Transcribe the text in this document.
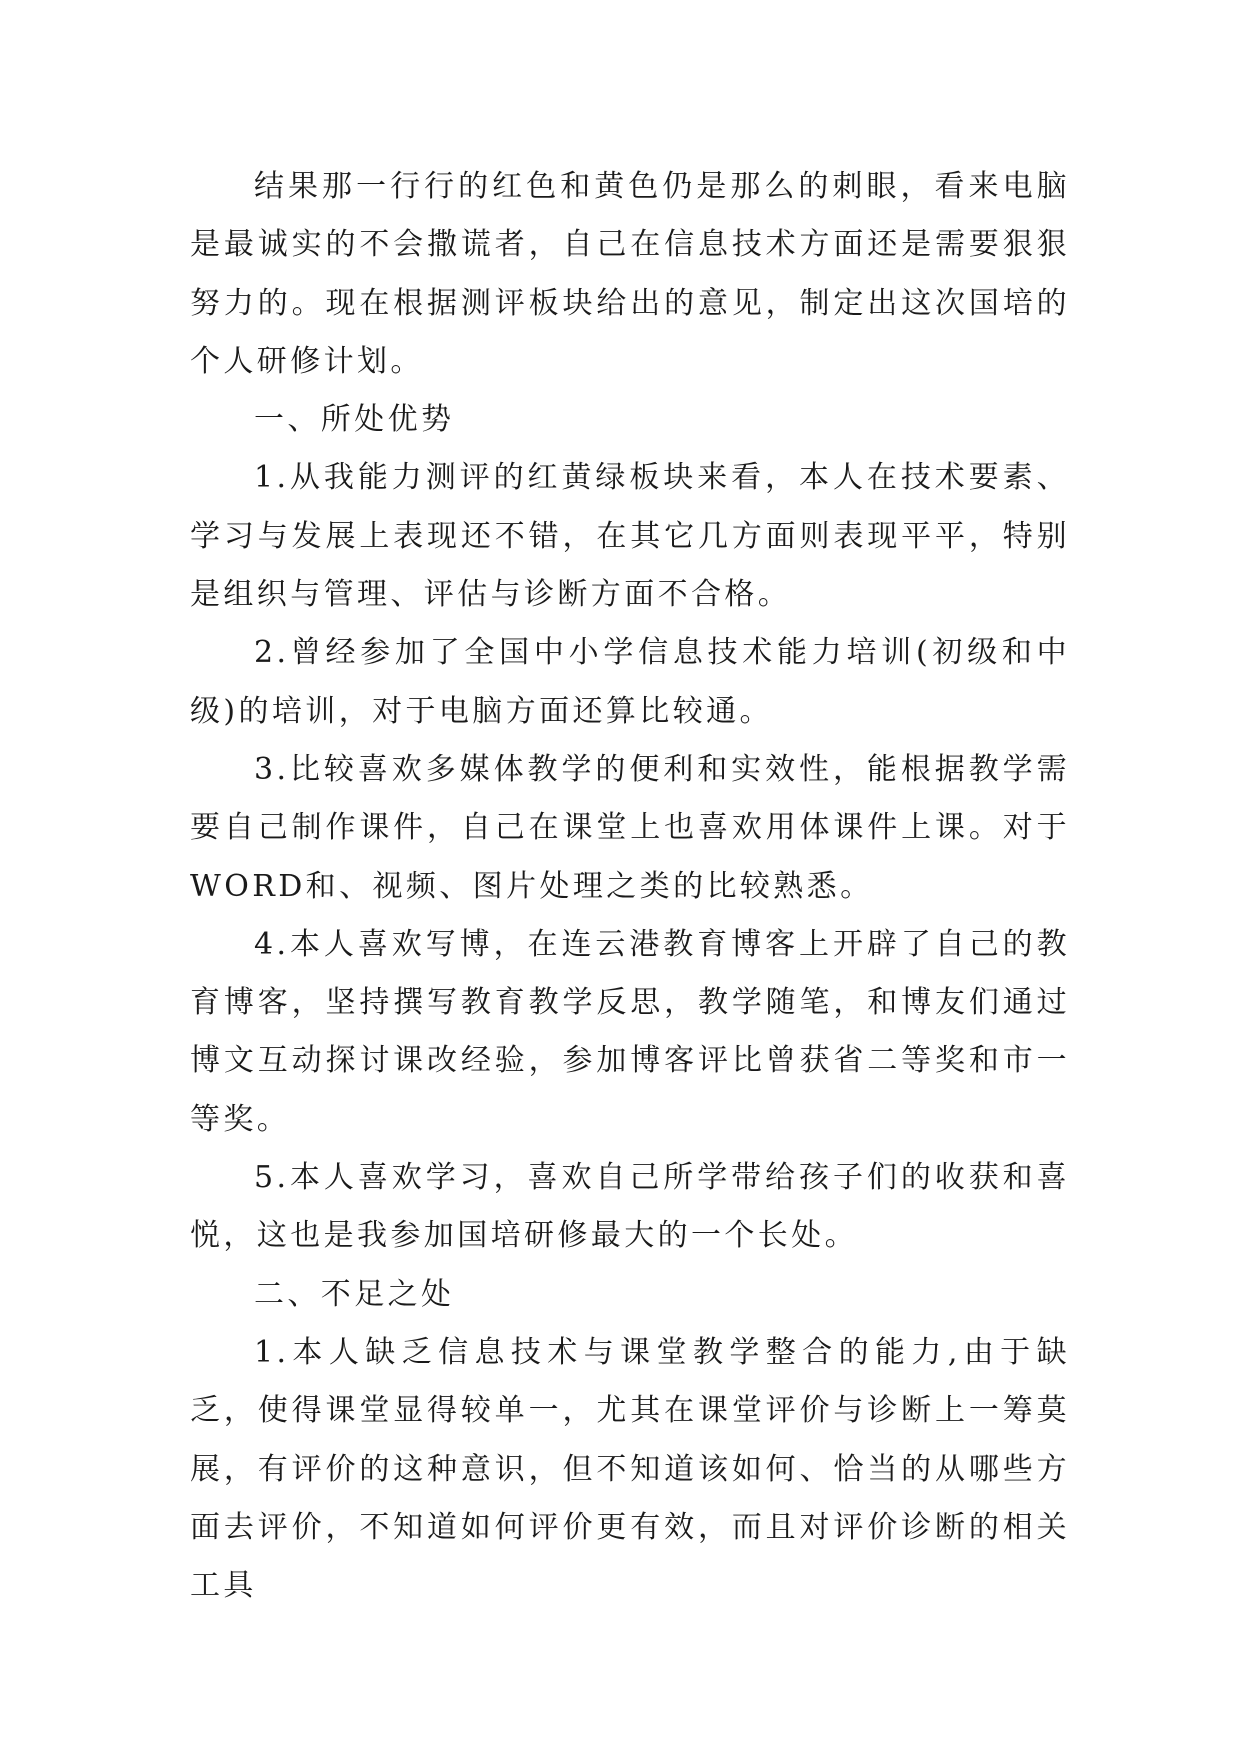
结果那一行行的红色和黄色仍是那么的刺眼，看来电脑是最诚实的不会撒谎者，自己在信息技术方面还是需要狠狠努力的。现在根据测评板块给出的意见，制定出这次国培的个人研修计划。

一、所处优势

1.从我能力测评的红黄绿板块来看，本人在技术要素、学习与发展上表现还不错，在其它几方面则表现平平，特别是组织与管理、评估与诊断方面不合格。

2.曾经参加了全国中小学信息技术能力培训(初级和中级)的培训，对于电脑方面还算比较通。

3.比较喜欢多媒体教学的便利和实效性，能根据教学需要自己制作课件，自己在课堂上也喜欢用体课件上课。对于WORD和、视频、图片处理之类的比较熟悉。

4.本人喜欢写博，在连云港教育博客上开辟了自己的教育博客，坚持撰写教育教学反思，教学随笔，和博友们通过博文互动探讨课改经验，参加博客评比曾获省二等奖和市一等奖。

5.本人喜欢学习，喜欢自己所学带给孩子们的收获和喜悦，这也是我参加国培研修最大的一个长处。

二、不足之处

1.本人缺乏信息技术与课堂教学整合的能力,由于缺乏，使得课堂显得较单一，尤其在课堂评价与诊断上一筹莫展，有评价的这种意识，但不知道该如何、恰当的从哪些方面去评价，不知道如何评价更有效，而且对评价诊断的相关工具
